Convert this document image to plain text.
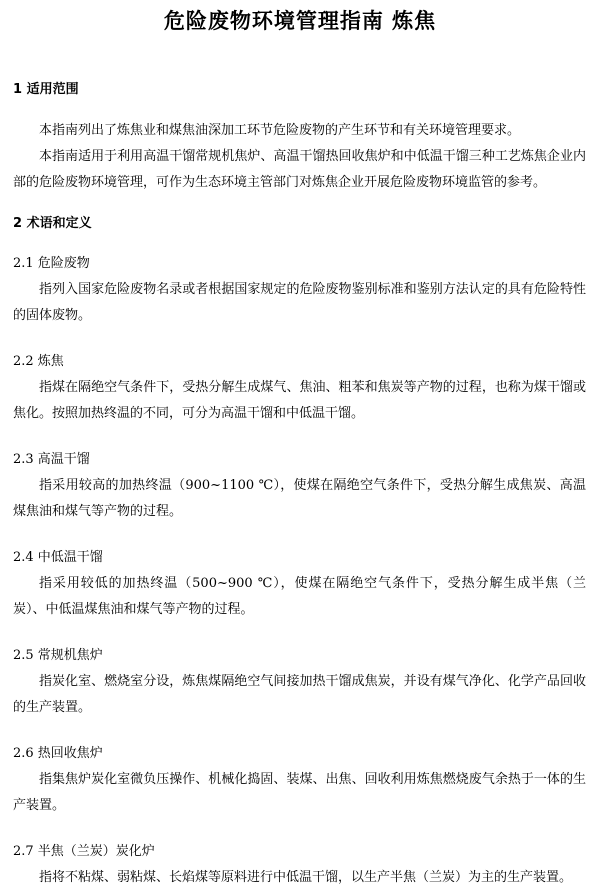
危险废物环境管理指南 炼焦
1 适用范围

本指南列出了炼焦业和煤焦油深加工环节危险废物的产生环节和有关环境管理要求。

本指南适用于利用高温干馏常规机焦炉、高温干馏热回收焦炉和中低温干馏三种工艺炼焦企业内部的危险废物环境管理，可作为生态环境主管部门对炼焦企业开展危险废物环境监管的参考。

2 术语和定义
2.1 危险废物

指列入国家危险废物名录或者根据国家规定的危险废物鉴别标准和鉴别方法认定的具有危险特性的固体废物。

2.2 炼焦

指煤在隔绝空气条件下，受热分解生成煤气、焦油、粗苯和焦炭等产物的过程，也称为煤干馏或焦化。按照加热终温的不同，可分为高温干馏和中低温干馏。

2.3 高温干馏

指采用较高的加热终温（900~1100 ℃），使煤在隔绝空气条件下，受热分解生成焦炭、高温煤焦油和煤气等产物的过程。

2.4 中低温干馏

指采用较低的加热终温（500~900 ℃），使煤在隔绝空气条件下，受热分解生成半焦（兰炭）、中低温煤焦油和煤气等产物的过程。

2.5 常规机焦炉

指炭化室、燃烧室分设，炼焦煤隔绝空气间接加热干馏成焦炭，并设有煤气净化、化学产品回收的生产装置。

2.6 热回收焦炉

指集焦炉炭化室微负压操作、机械化捣固、装煤、出焦、回收利用炼焦燃烧废气余热于一体的生产装置。

2.7 半焦（兰炭）炭化炉

指将不粘煤、弱粘煤、长焰煤等原料进行中低温干馏，以生产半焦（兰炭）为主的生产装置。
